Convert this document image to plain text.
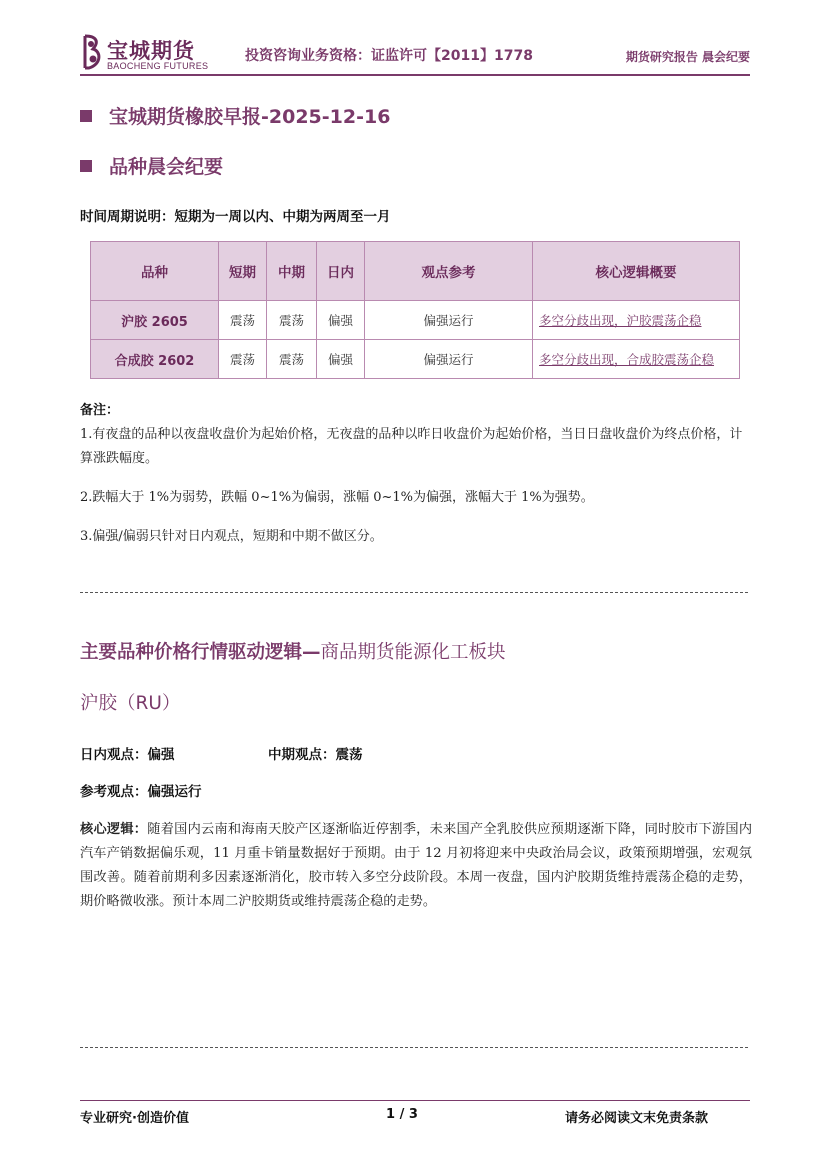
宝城期货
BAOCHENG FUTURES
投资咨询业务资格：证监许可【2011】1778	期货研究报告 晨会纪要
宝城期货橡胶早报-2025-12-16
品种晨会纪要
时间周期说明：短期为一周以内、中期为两周至一月
品种	短期	中期	日内	观点参考	核心逻辑概要
沪胶 2605	震荡	震荡	偏强	偏强运行	多空分歧出现，沪胶震荡企稳
合成胶 2602	震荡	震荡	偏强	偏强运行	多空分歧出现，合成胶震荡企稳
备注：
1.有夜盘的品种以夜盘收盘价为起始价格，无夜盘的品种以昨日收盘价为起始价格，当日日盘收盘价为终点价格，计算涨跌幅度。
2.跌幅大于 1%为弱势，跌幅 0~1%为偏弱，涨幅 0~1%为偏强，涨幅大于 1%为强势。
3.偏强/偏弱只针对日内观点，短期和中期不做区分。
主要品种价格行情驱动逻辑—商品期货能源化工板块
沪胶（RU）
日内观点：偏强	中期观点：震荡
参考观点：偏强运行
核心逻辑：随着国内云南和海南天胶产区逐渐临近停割季，未来国产全乳胶供应预期逐渐下降，同时胶市下游国内汽车产销数据偏乐观，11 月重卡销量数据好于预期。由于 12 月初将迎来中央政治局会议，政策预期增强，宏观氛围改善。随着前期利多因素逐渐消化，胶市转入多空分歧阶段。本周一夜盘，国内沪胶期货维持震荡企稳的走势，期价略微收涨。预计本周二沪胶期货或维持震荡企稳的走势。
专业研究·创造价值	1 / 3	请务必阅读文末免责条款
